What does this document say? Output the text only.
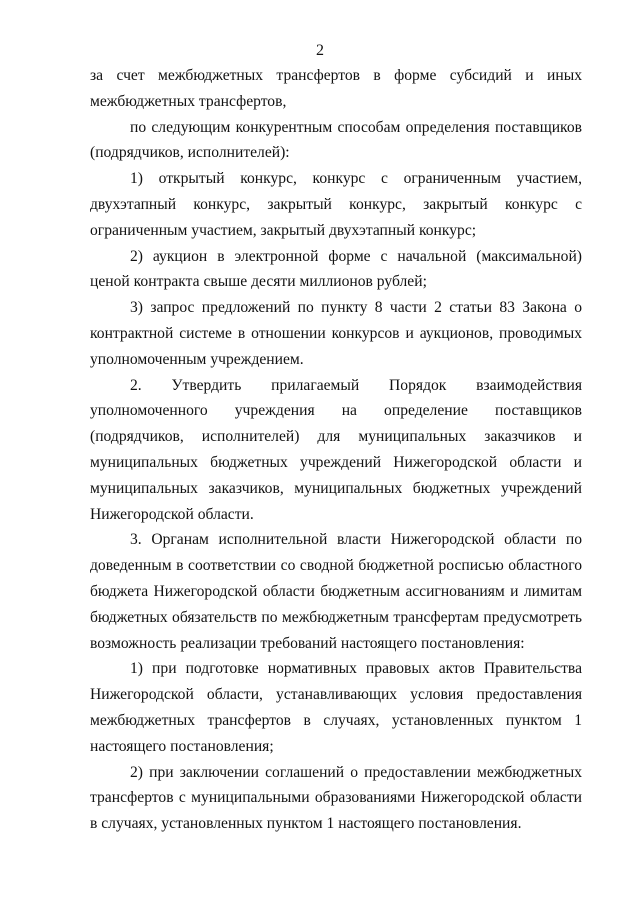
2

за счет межбюджетных трансфертов в форме субсидий и иных межбюджетных трансфертов,

по следующим конкурентным способам определения поставщиков (подрядчиков, исполнителей):

1) открытый конкурс, конкурс с ограниченным участием, двухэтапный конкурс, закрытый конкурс, закрытый конкурс с ограниченным участием, закрытый двухэтапный конкурс;

2) аукцион в электронной форме с начальной (максимальной) ценой контракта свыше десяти миллионов рублей;

3) запрос предложений по пункту 8 части 2 статьи 83 Закона о контрактной системе в отношении конкурсов и аукционов, проводимых уполномоченным учреждением.

2. Утвердить прилагаемый Порядок взаимодействия уполномоченного учреждения на определение поставщиков (подрядчиков, исполнителей) для муниципальных заказчиков и муниципальных бюджетных учреждений Нижегородской области и муниципальных заказчиков, муниципальных бюджетных учреждений Нижегородской области.

3. Органам исполнительной власти Нижегородской области по доведенным в соответствии со сводной бюджетной росписью областного бюджета Нижегородской области бюджетным ассигнованиям и лимитам бюджетных обязательств по межбюджетным трансфертам предусмотреть возможность реализации требований настоящего постановления:

1) при подготовке нормативных правовых актов Правительства Нижегородской области, устанавливающих условия предоставления межбюджетных трансфертов в случаях, установленных пунктом 1 настоящего постановления;

2) при заключении соглашений о предоставлении межбюджетных трансфертов с муниципальными образованиями Нижегородской области в случаях, установленных пунктом 1 настоящего постановления.
